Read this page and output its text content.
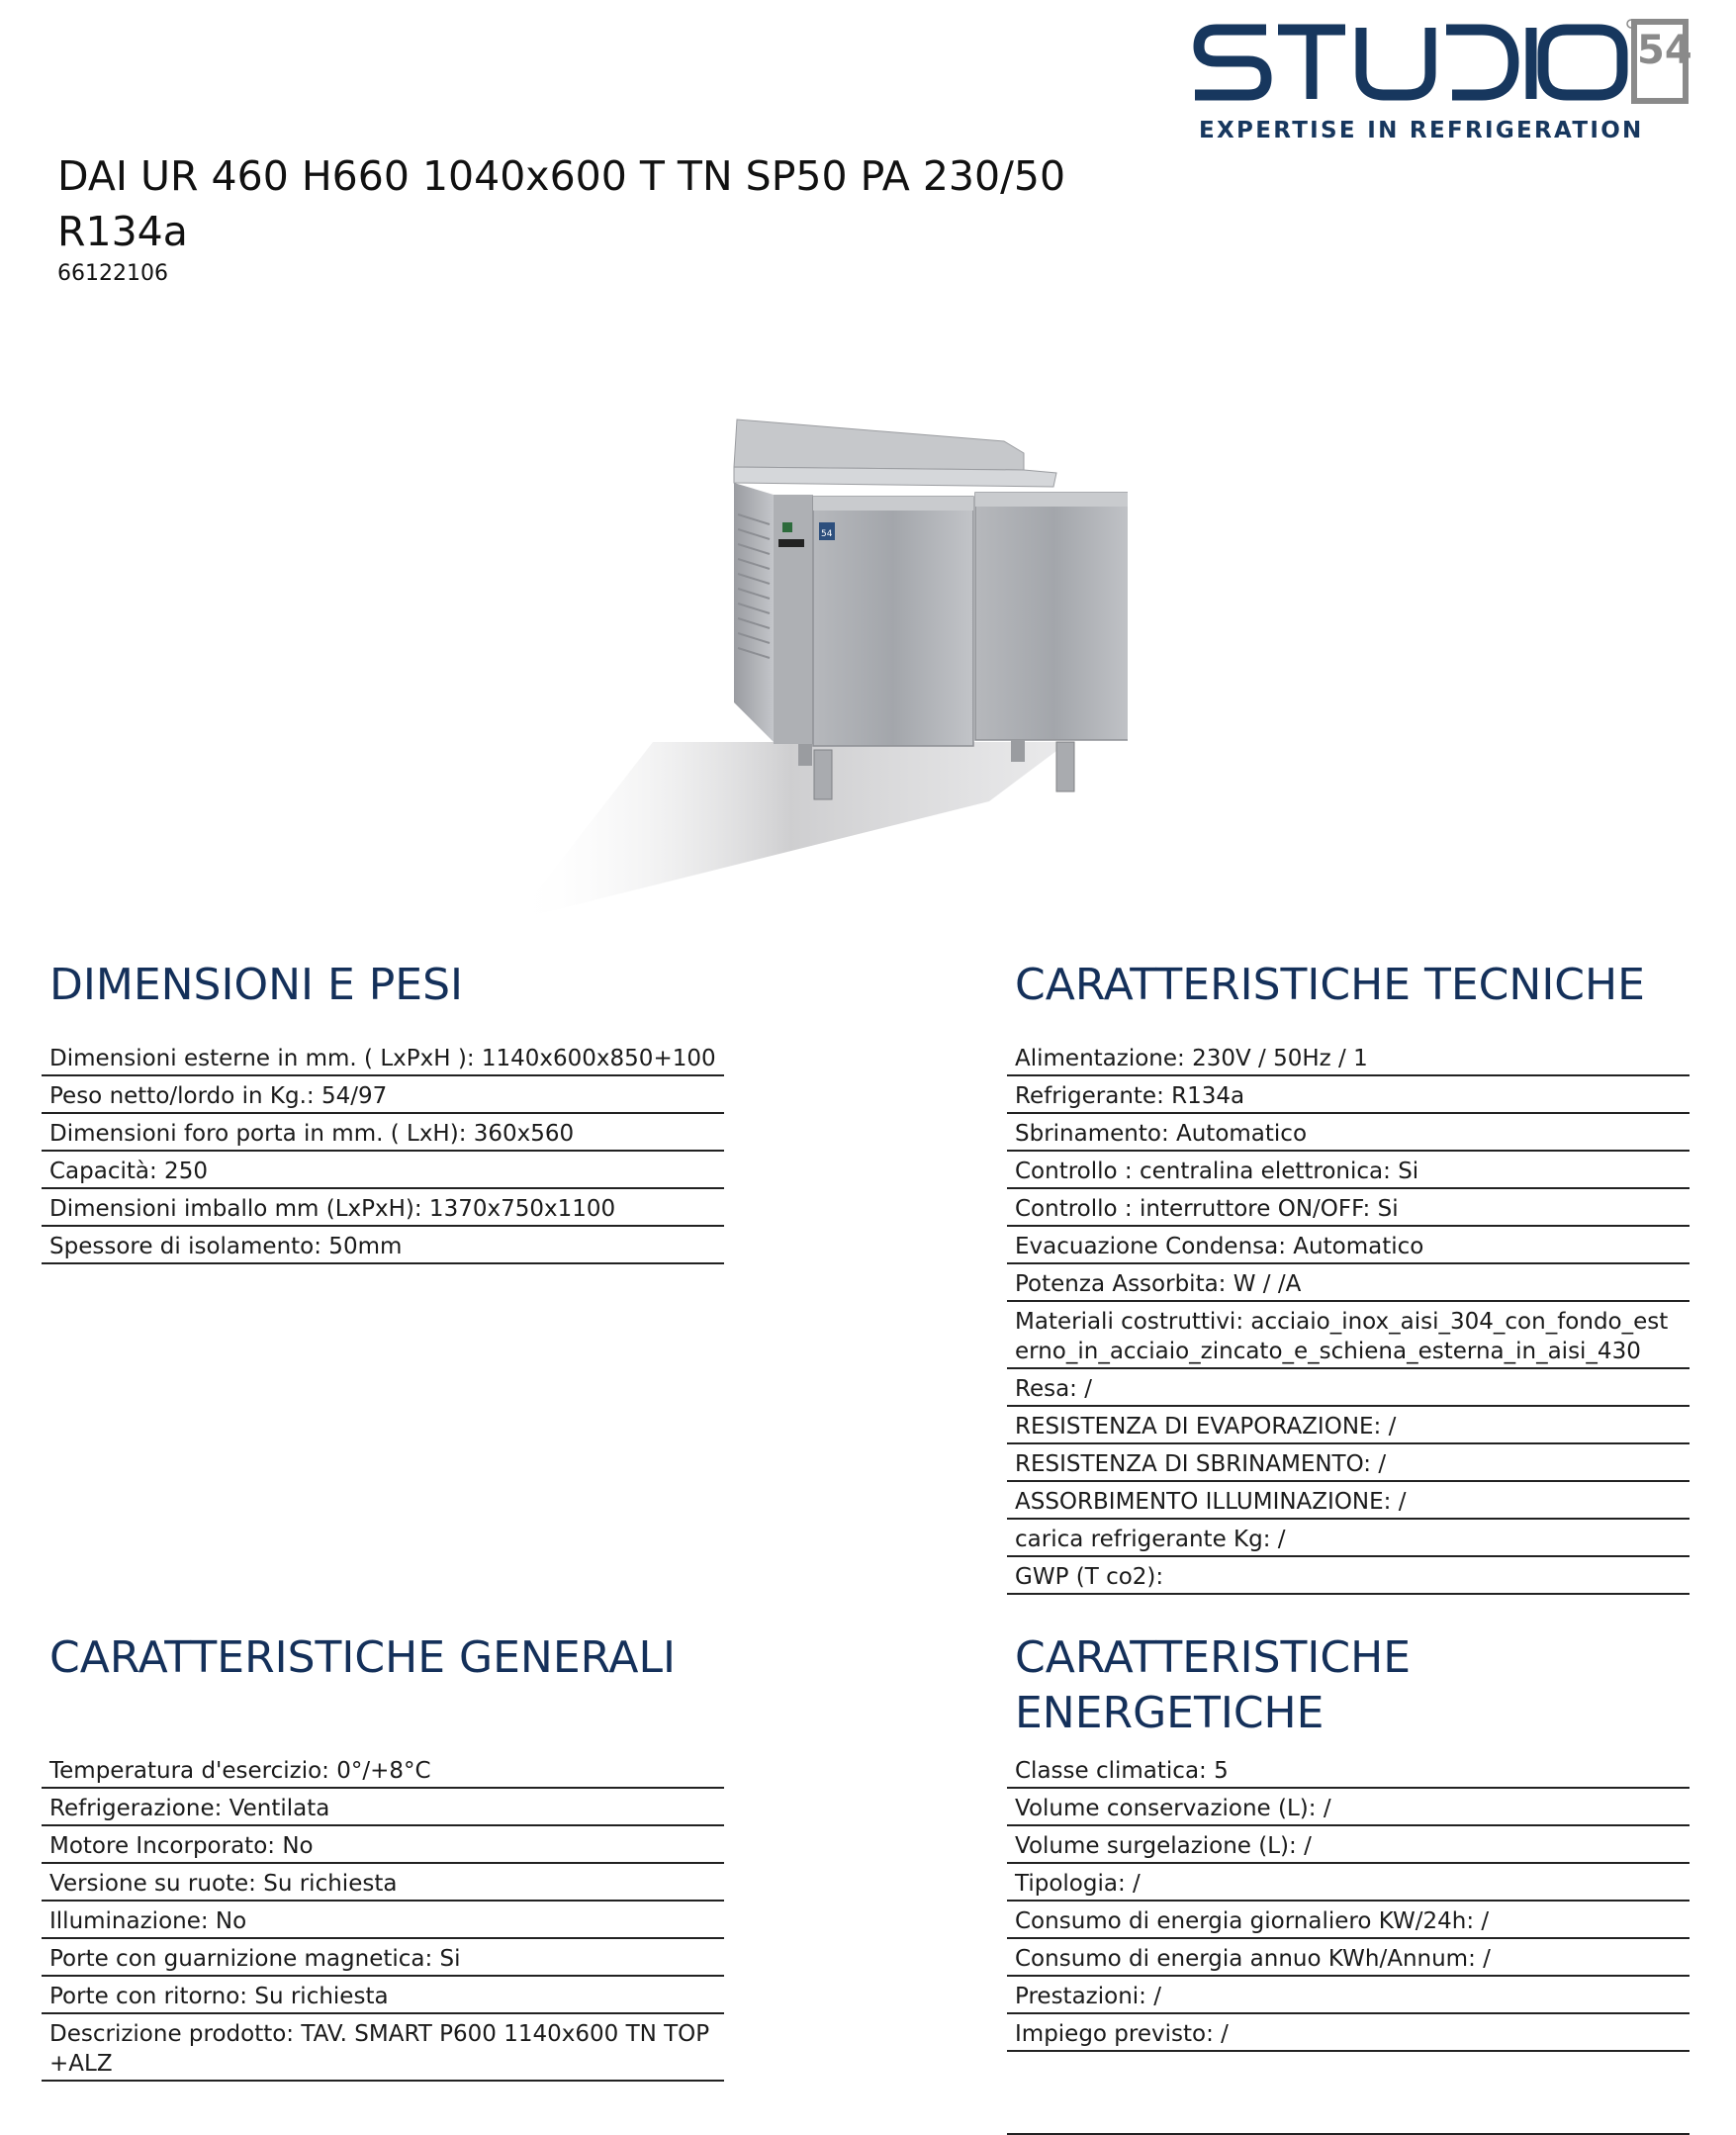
54
EXPERTISE IN REFRIGERATION
DAI UR 460 H660 1040x600 T TN SP50 PA 230/50 R134a
66122106
54
DIMENSIONI E PESI
Dimensioni esterne in mm. ( LxPxH ): 1140x600x850+100
Peso netto/lordo in Kg.: 54/97
Dimensioni foro porta in mm. ( LxH): 360x560
Capacità: 250
Dimensioni imballo mm (LxPxH): 1370x750x1100
Spessore di isolamento: 50mm
CARATTERISTICHE TECNICHE
Alimentazione: 230V / 50Hz / 1
Refrigerante: R134a
Sbrinamento: Automatico
Controllo : centralina elettronica: Si
Controllo : interruttore ON/OFF: Si
Evacuazione Condensa: Automatico
Potenza Assorbita: W / /A
Materiali costruttivi: acciaio_inox_aisi_304_con_fondo_esterno_in_acciaio_zincato_e_schiena_esterna_in_aisi_430
Resa: /
RESISTENZA DI EVAPORAZIONE: /
RESISTENZA DI SBRINAMENTO: /
ASSORBIMENTO ILLUMINAZIONE: /
carica refrigerante Kg: /
GWP (T co2):
CARATTERISTICHE GENERALI
Temperatura d'esercizio: 0°/+8°C
Refrigerazione: Ventilata
Motore Incorporato: No
Versione su ruote: Su richiesta
Illuminazione: No
Porte con guarnizione magnetica: Si
Porte con ritorno: Su richiesta
Descrizione prodotto: TAV. SMART P600 1140x600 TN TOP+ALZ
CARATTERISTICHE ENERGETICHE
Classe climatica: 5
Volume conservazione (L): /
Volume surgelazione (L): /
Tipologia: /
Consumo di energia giornaliero KW/24h: /
Consumo di energia annuo KWh/Annum: /
Prestazioni: /
Impiego previsto: /
